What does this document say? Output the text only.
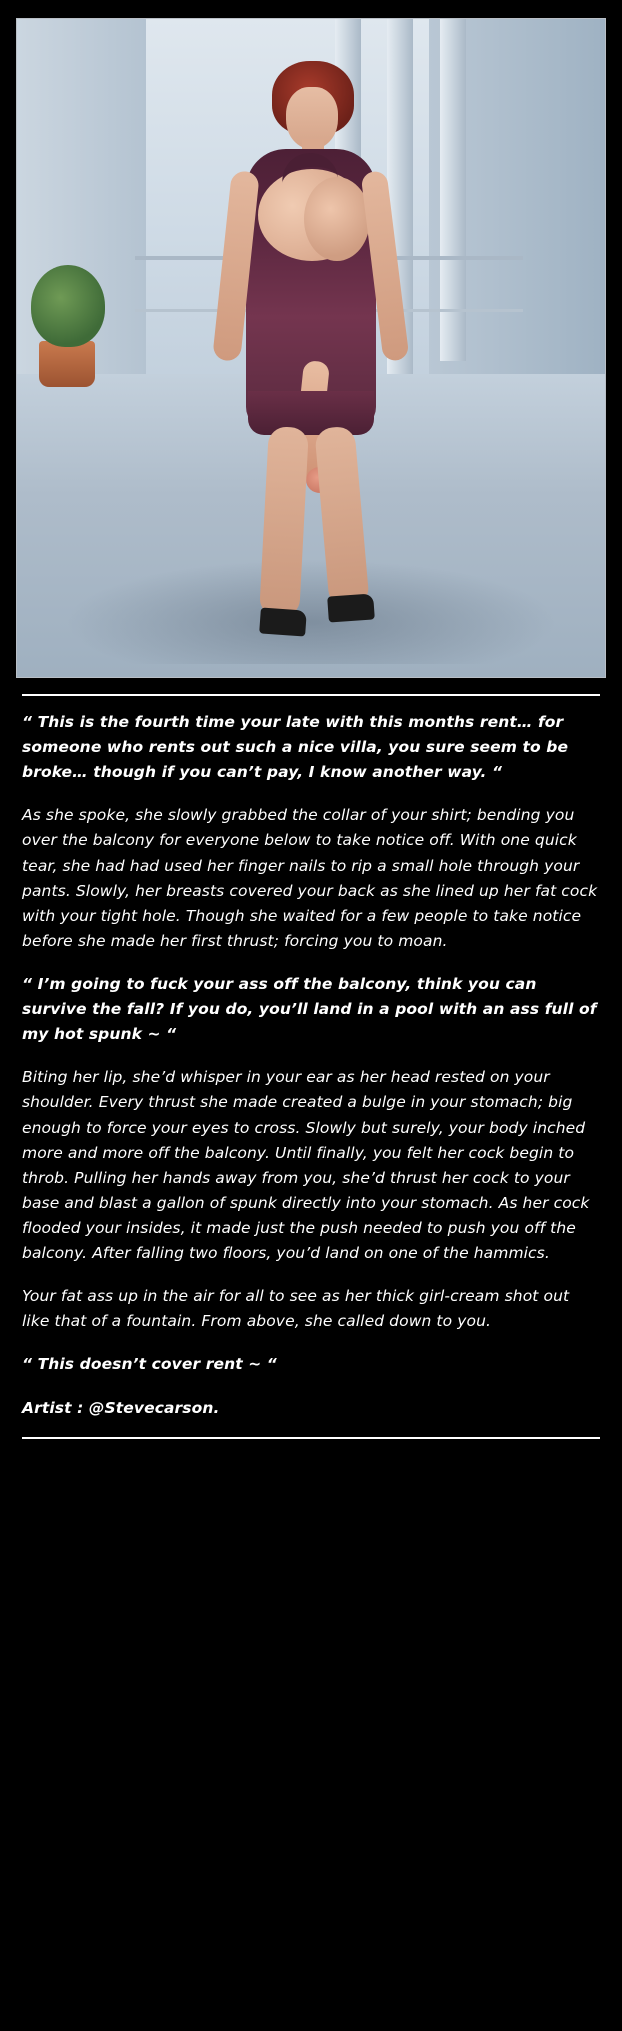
“ This is the fourth time your late with this months rent… for someone who rents out such a nice villa, you sure seem to be broke… though if you can’t pay, I know another way. “

As she spoke, she slowly grabbed the collar of your shirt; bending you over the balcony for everyone below to take notice off. With one quick tear, she had had used her finger nails to rip a small hole through your pants. Slowly, her breasts covered your back as she lined up her fat cock with your tight hole. Though she waited for a few people to take notice before she made her first thrust; forcing you to moan.

“ I’m going to fuck your ass off the balcony, think you can survive the fall? If you do, you’ll land in a pool with an ass full of my hot spunk ~ “

Biting her lip, she’d whisper in your ear as her head rested on your shoulder. Every thrust she made created a bulge in your stomach; big enough to force your eyes to cross. Slowly but surely, your body inched more and more off the balcony. Until finally, you felt her cock begin to throb. Pulling her hands away from you, she’d thrust her cock to your base and blast a gallon of spunk directly into your stomach. As her cock flooded your insides, it made just the push needed to push you off the balcony. After falling two floors, you’d land on one of the hammics.

Your fat ass up in the air for all to see as her thick girl-cream shot out like that of a fountain. From above, she called down to you.

“ This doesn’t cover rent ~ “

Artist : @Stevecarson.
